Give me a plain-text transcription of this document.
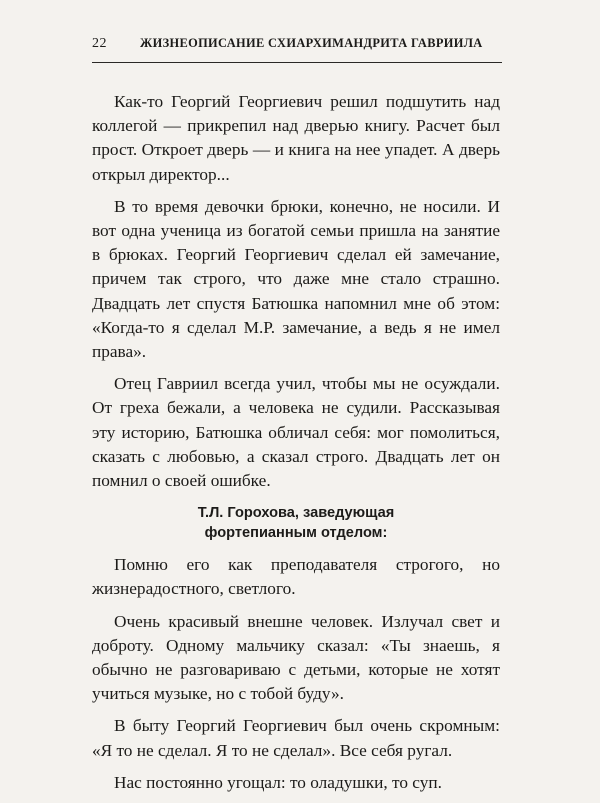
22	ЖИЗНЕОПИСАНИЕ СХИАРХИМАНДРИТА ГАВРИИЛА

Как-то Георгий Георгиевич решил подшутить над коллегой — прикрепил над дверью книгу. Расчет был прост. Откроет дверь — и книга на нее упадет. А дверь открыл директор...

В то время девочки брюки, конечно, не носили. И вот одна ученица из богатой семьи пришла на занятие в брюках. Георгий Георгиевич сделал ей замечание, причем так строго, что даже мне стало страшно. Двадцать лет спустя Батюшка напомнил мне об этом: «Когда-то я сделал М.Р. замечание, а ведь я не имел права».

Отец Гавриил всегда учил, чтобы мы не осуждали. От греха бежали, а человека не судили. Рассказывая эту историю, Батюшка обличал себя: мог помолиться, сказать с любовью, а сказал строго. Двадцать лет он помнил о своей ошибке.

Т.Л. Горохова, заведующая
фортепианным отделом:

Помню его как преподавателя строгого, но жизнерадостного, светлого.

Очень красивый внешне человек. Излучал свет и доброту. Одному мальчику сказал: «Ты знаешь, я обычно не разговариваю с детьми, которые не хотят учиться музыке, но с тобой буду».

В быту Георгий Георгиевич был очень скромным: «Я то не сделал. Я то не сделал». Все себя ругал.

Нас постоянно угощал: то оладушки, то суп.
